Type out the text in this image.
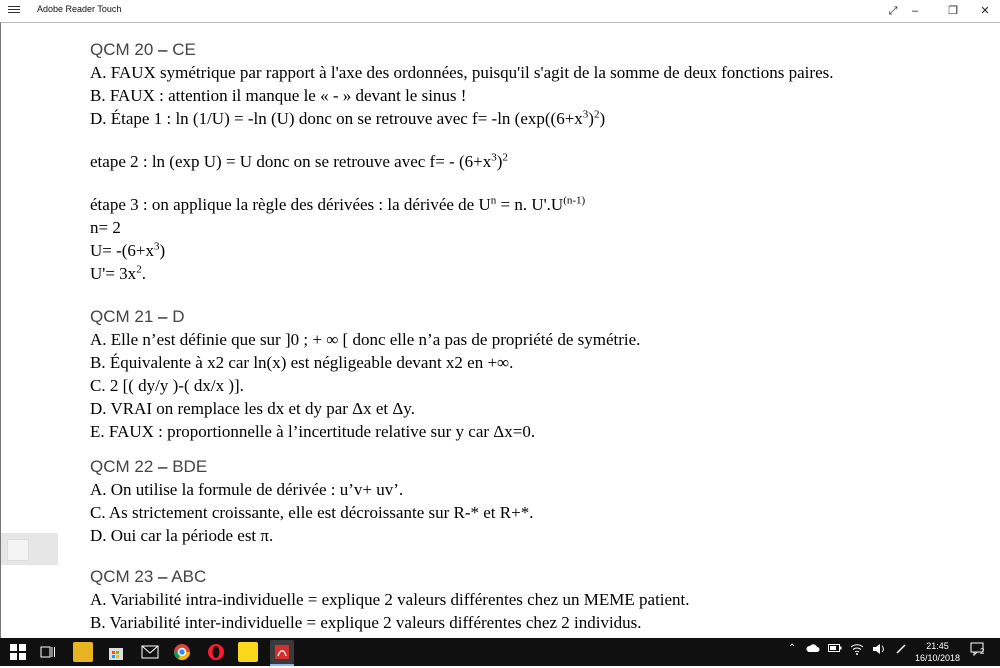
Adobe Reader Touch	⤢	–	❐	✕
QCM 20 – CE
A. FAUX symétrique par rapport à l'axe des ordonnées, puisqu'il s'agit de la somme de deux fonctions paires.
B. FAUX : attention il manque le « - » devant le sinus !
D. Étape 1 : ln (1/U) = -ln (U) donc on se retrouve avec f= -ln ($\exp((6+x^3)^2)$
etape 2 : ln (exp U) = U donc on se retrouve avec $f= - (6+x^3)^2$
étape 3 : on applique la règle des dérivées : la dérivée de $U^n = n$. $U'.U^{(n-1)}$
n= 2
$U= -(6+x^3)$
$U'= 3x^2$.
QCM 21 – D
A. Elle n’est définie que sur ]0 ; + ∞ [ donc elle n’a pas de propriété de symétrie.
B. Équivalente à x2 car ln(x) est négligeable devant x2 en +∞.
C. 2 [( dy/y )-( dx/x )].
D. VRAI on remplace les dx et dy par Δx et Δy.
E. FAUX : proportionnelle à l’incertitude relative sur y car Δx=0.
QCM 22 – BDE
A. On utilise la formule de dérivée : u’v+ uv’.
C. As strictement croissante, elle est décroissante sur R-* et R+*.
D. Oui car la période est π.
QCM 23 – ABC
A. Variabilité intra-individuelle = explique 2 valeurs différentes chez un MEME patient.
B. Variabilité inter-individuelle = explique 2 valeurs différentes chez 2 individus.
⌃	21:45
16/10/2018
2
